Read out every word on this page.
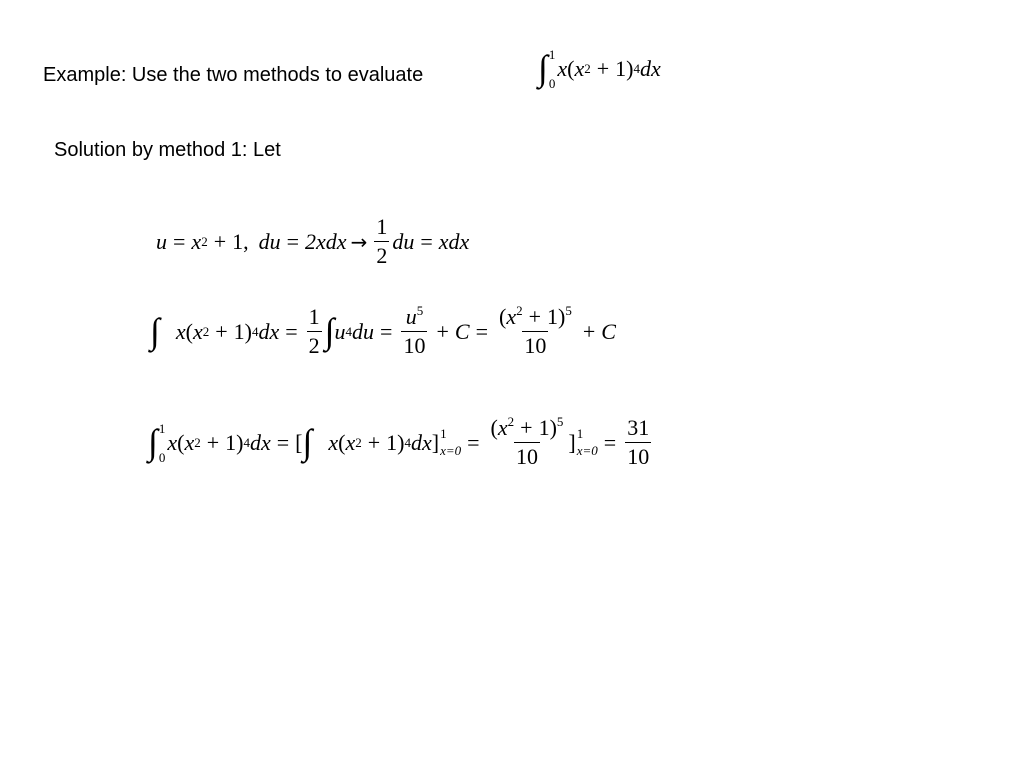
Example: Use the two methods to evaluate	∫ 1
0
x ( x 2 + 1 ) 4 dx
Solution by method 1: Let
u = x 2 + 1, du = $2xdx \to \frac{1}{2}$ du = xdx
∫ x ( x 2 + 1) 4 dx = $\frac{1}{2}$ ∫ u 4 du = $\frac{u^5}{10} + C = \frac{(x^2 + 1)^5}{10} + C$
∫ 1
0
x ( x 2 + 1) 4 dx = [ ∫ x ( x 2 + 1) 4 dx ] 1
$x=0 = \frac{(x^2 + 1)^5}{10}$ ] 1
$x=0 = \frac{31}{10}$
